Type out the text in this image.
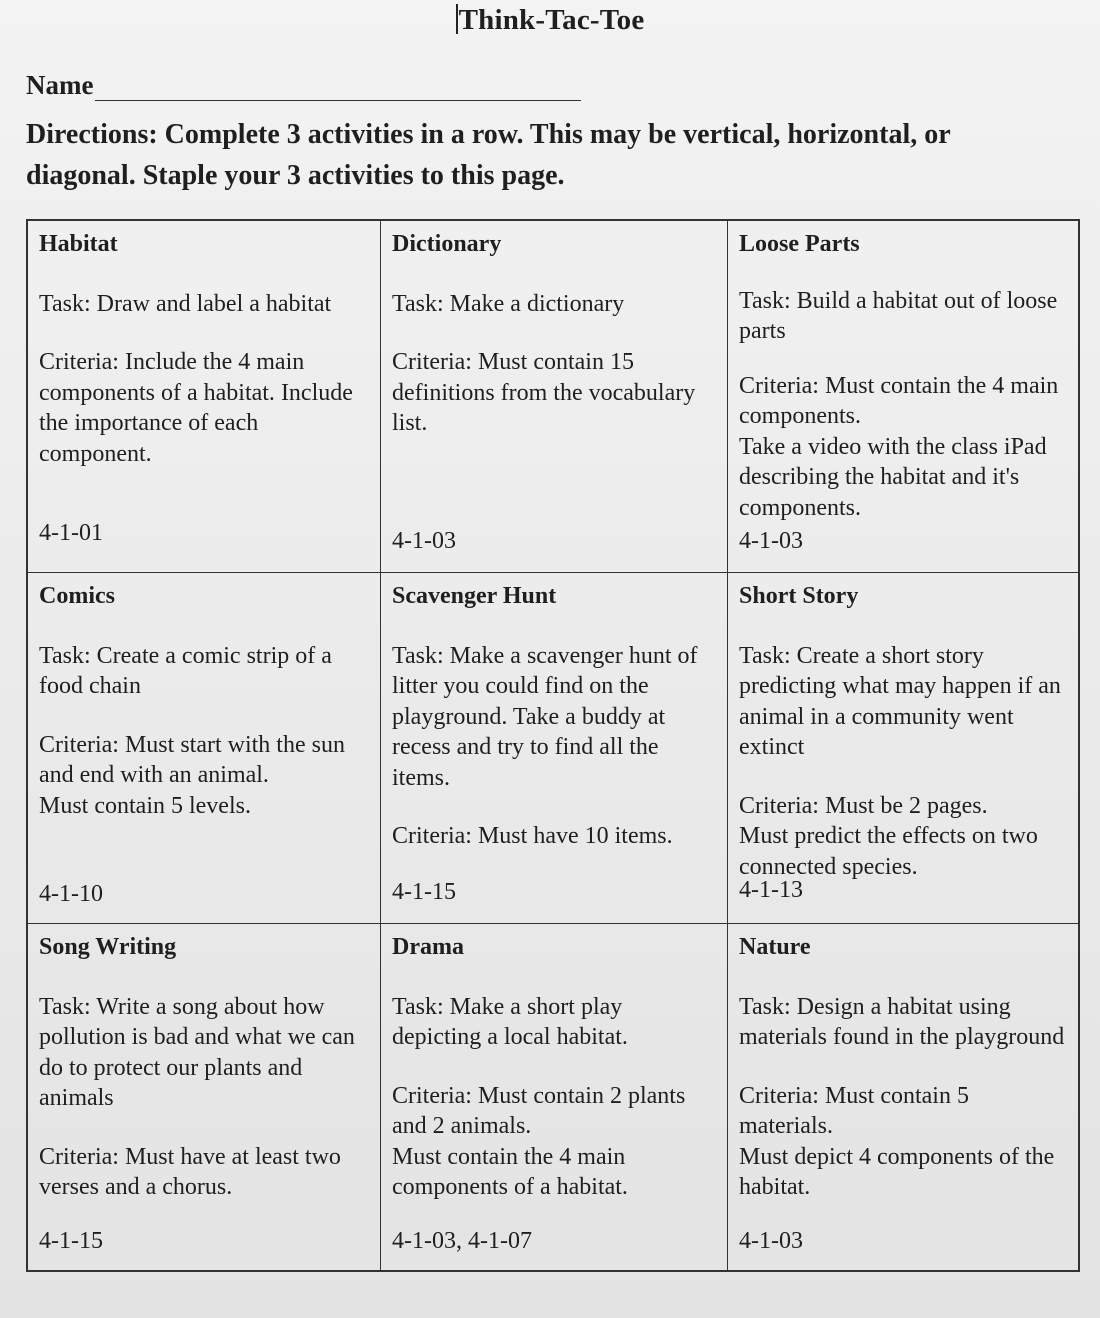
Think-Tac-Toe
Name
Directions: Complete 3 activities in a row. This may be vertical, horizontal, or diagonal. Staple your 3 activities to this page.
Habitat

Task: Draw and label a habitat

Criteria: Include the 4 main components of a habitat. Include the importance of each component.

4-1-01
Dictionary

Task: Make a dictionary

Criteria: Must contain 15 definitions from the vocabulary list.

4-1-03
Loose Parts

Task: Build a habitat out of loose parts

Criteria: Must contain the 4 main components.
Take a video with the class iPad describing the habitat and it's components.

4-1-03
Comics

Task: Create a comic strip of a food chain

Criteria: Must start with the sun and end with an animal.
Must contain 5 levels.

4-1-10
Scavenger Hunt

Task: Make a scavenger hunt of litter you could find on the playground. Take a buddy at recess and try to find all the items.

Criteria: Must have 10 items.

4-1-15
Short Story

Task: Create a short story predicting what may happen if an animal in a community went extinct

Criteria: Must be 2 pages.
Must predict the effects on two connected species.

4-1-13
Song Writing

Task: Write a song about how pollution is bad and what we can do to protect our plants and animals

Criteria: Must have at least two verses and a chorus.

4-1-15
Drama

Task: Make a short play depicting a local habitat.

Criteria: Must contain 2 plants and 2 animals.
Must contain the 4 main components of a habitat.

4-1-03, 4-1-07
Nature

Task: Design a habitat using materials found in the playground

Criteria: Must contain 5 materials.
Must depict 4 components of the habitat.

4-1-03
